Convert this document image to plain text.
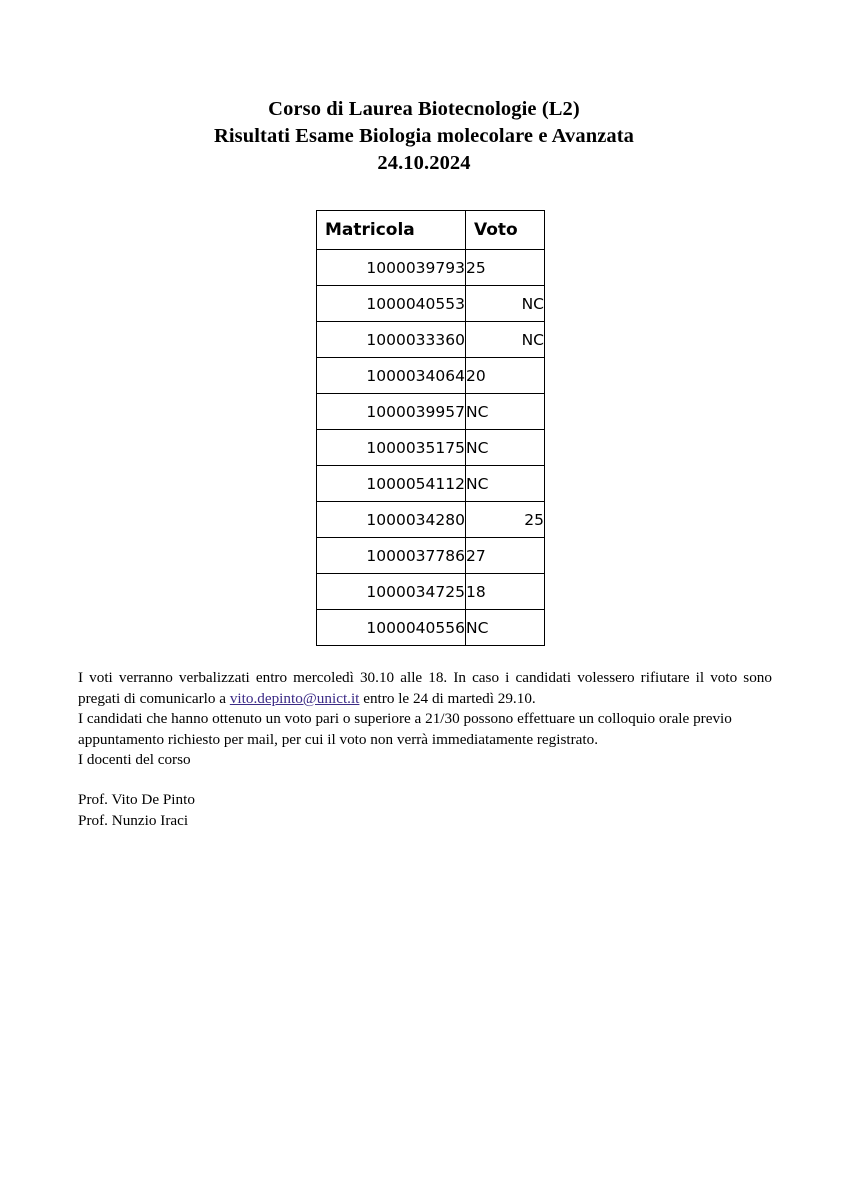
Corso di Laurea Biotecnologie (L2)
Risultati Esame Biologia molecolare e Avanzata
24.10.2024
Matricola	Voto
1000039793	25
1000040553	NC
1000033360	NC
1000034064	20
1000039957	NC
1000035175	NC
1000054112	NC
1000034280	25
1000037786	27
1000034725	18
1000040556	NC

I voti verranno verbalizzati entro mercoledì 30.10 alle 18. In caso i candidati volessero rifiutare il voto sono pregati di comunicarlo a vito.depinto@unict.it entro le 24 di martedì 29.10.

I candidati che hanno ottenuto un voto pari o superiore a 21/30 possono effettuare un colloquio orale previo appuntamento richiesto per mail, per cui il voto non verrà immediatamente registrato.

I docenti del corso

Prof. Vito De Pinto
Prof. Nunzio Iraci
